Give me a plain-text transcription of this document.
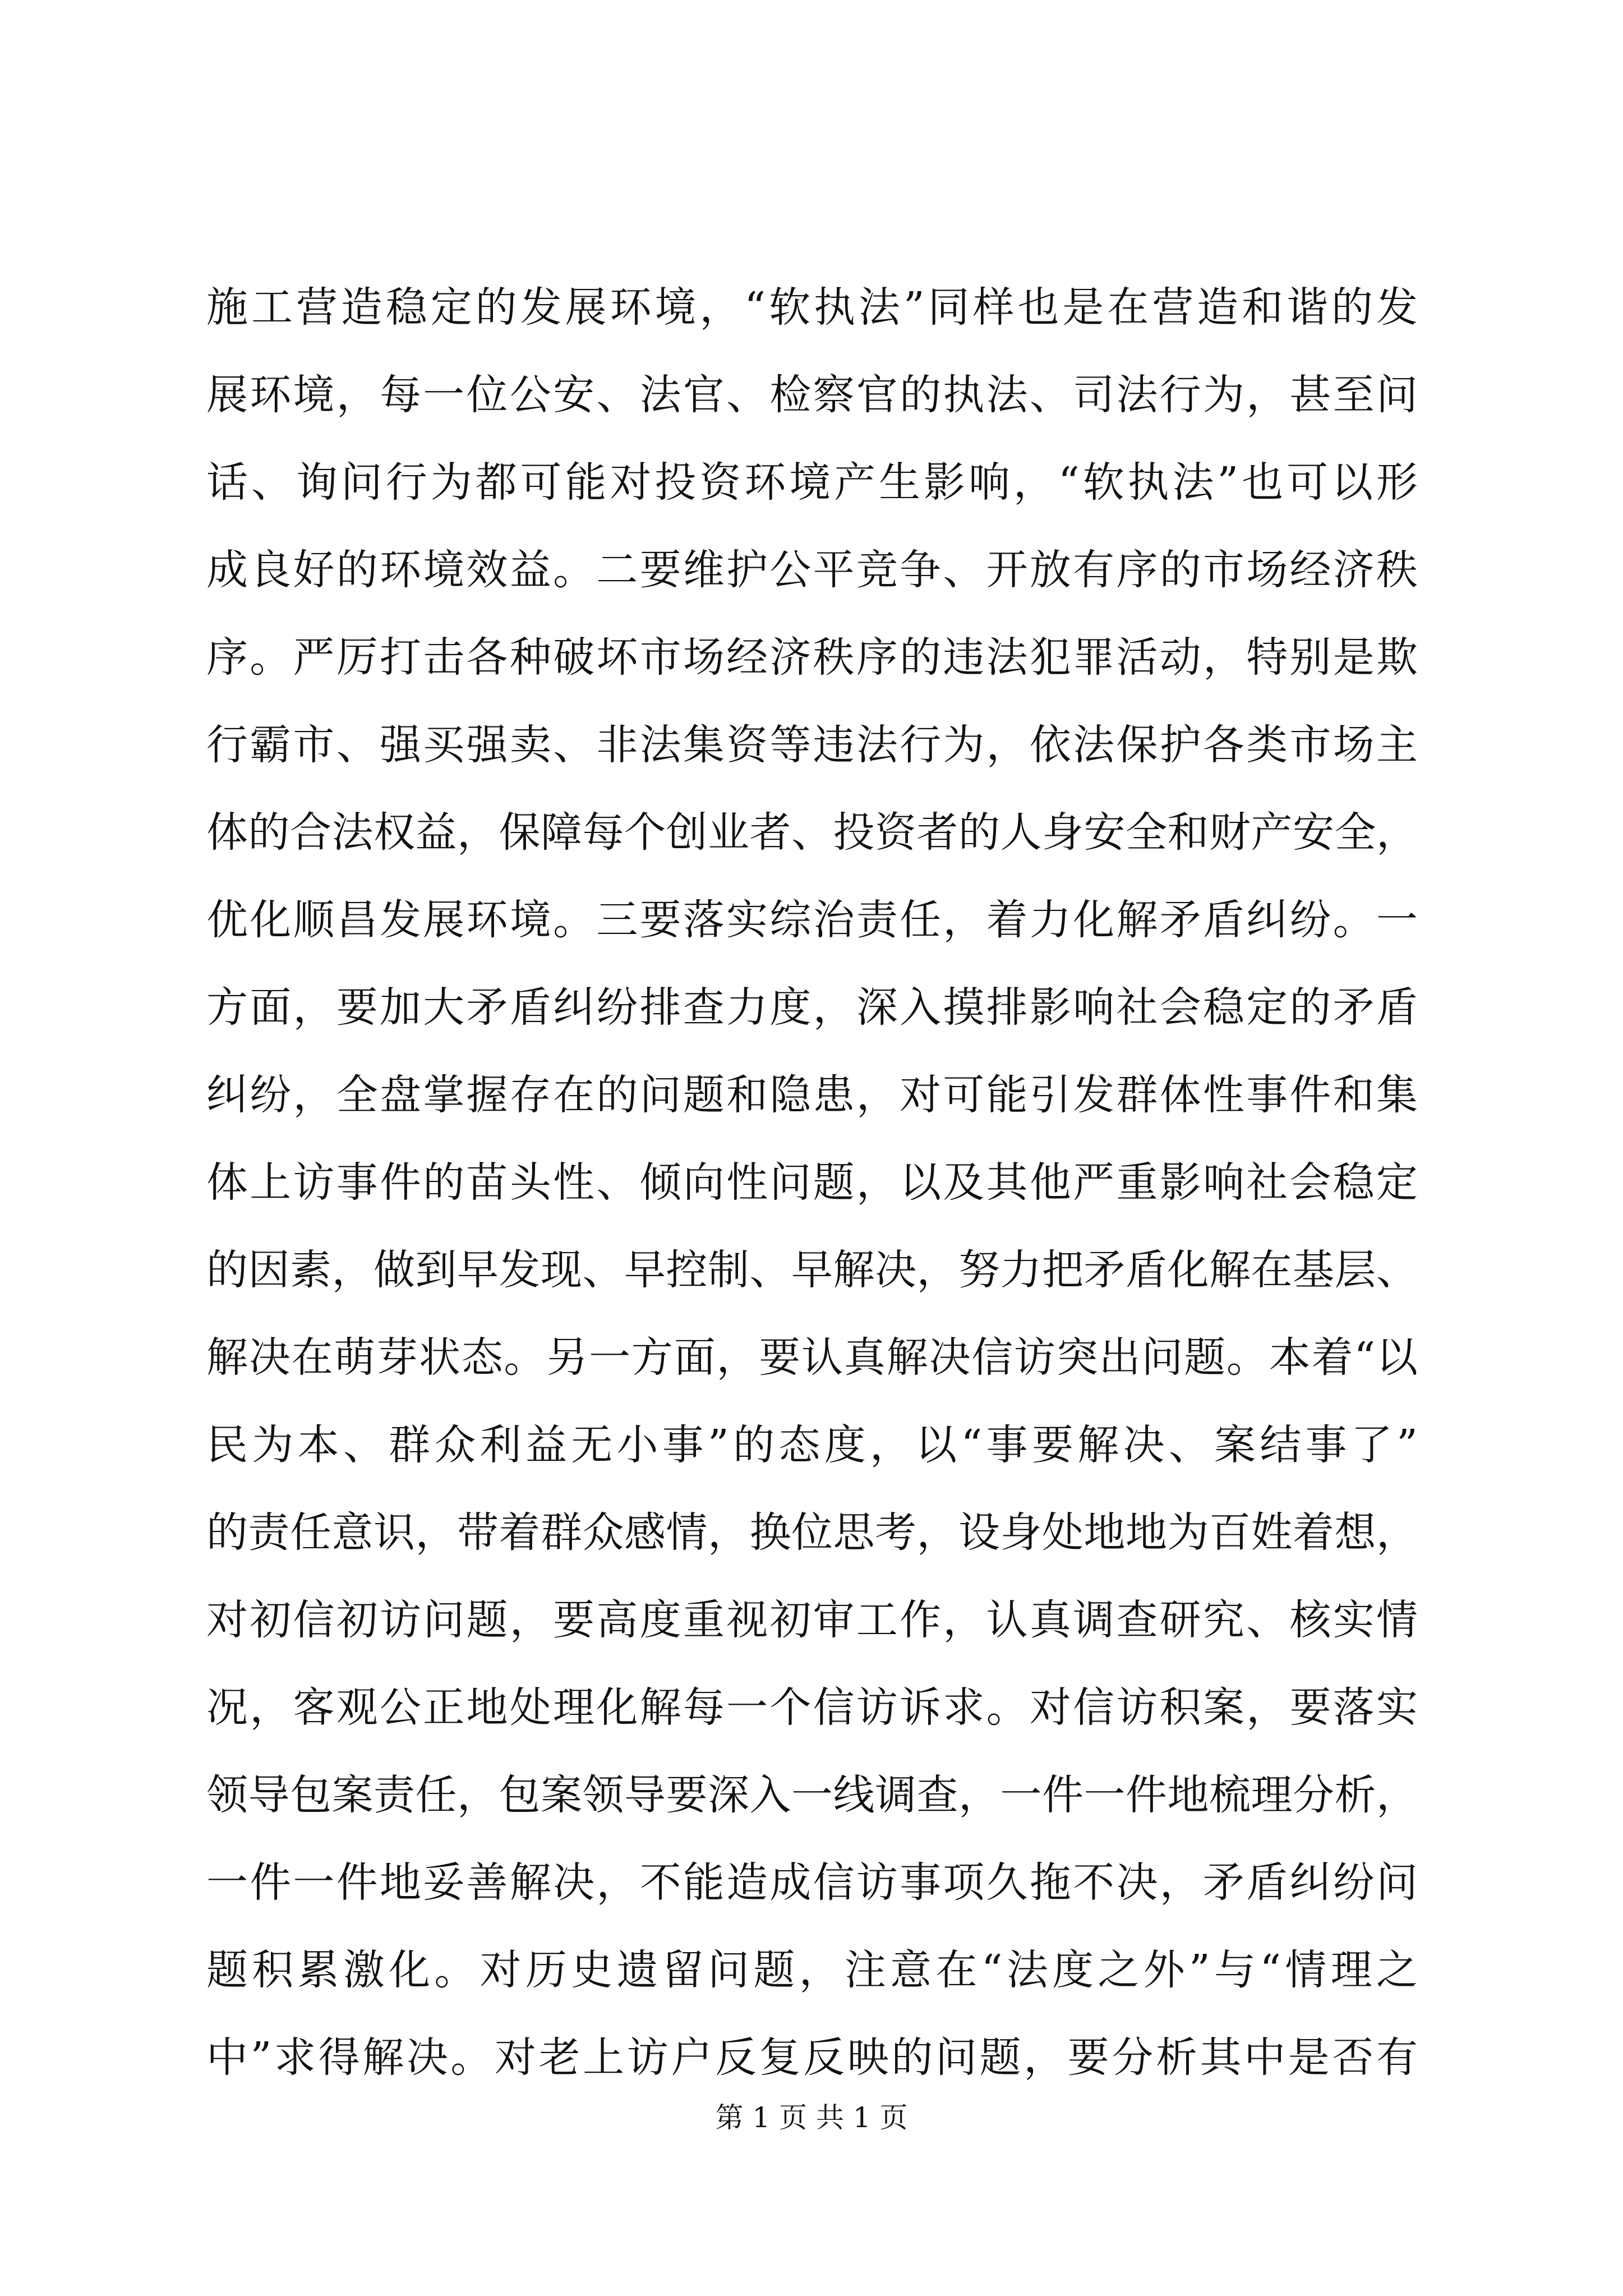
施工营造稳定的发展环境，“软执法”同样也是在营造和谐的发
展环境，每一位公安、法官、检察官的执法、司法行为，甚至问
话、询问行为都可能对投资环境产生影响，“软执法”也可以形
成良好的环境效益。二要维护公平竞争、开放有序的市场经济秩
序。严厉打击各种破坏市场经济秩序的违法犯罪活动，特别是欺
行霸市、强买强卖、非法集资等违法行为，依法保护各类市场主
体的合法权益，保障每个创业者、投资者的人身安全和财产安全，
优化顺昌发展环境。三要落实综治责任，着力化解矛盾纠纷。一
方面，要加大矛盾纠纷排查力度，深入摸排影响社会稳定的矛盾
纠纷，全盘掌握存在的问题和隐患，对可能引发群体性事件和集
体上访事件的苗头性、倾向性问题，以及其他严重影响社会稳定
的因素，做到早发现、早控制、早解决，努力把矛盾化解在基层、
解决在萌芽状态。另一方面，要认真解决信访突出问题。本着“以
民为本、群众利益无小事”的态度，以“事要解决、案结事了”
的责任意识，带着群众感情，换位思考，设身处地地为百姓着想，
对初信初访问题，要高度重视初审工作，认真调查研究、核实情
况，客观公正地处理化解每一个信访诉求。对信访积案，要落实
领导包案责任，包案领导要深入一线调查，一件一件地梳理分析，
一件一件地妥善解决，不能造成信访事项久拖不决，矛盾纠纷问
题积累激化。对历史遗留问题，注意在“法度之外”与“情理之
中”求得解决。对老上访户反复反映的问题，要分析其中是否有
第 1 页 共 1 页
